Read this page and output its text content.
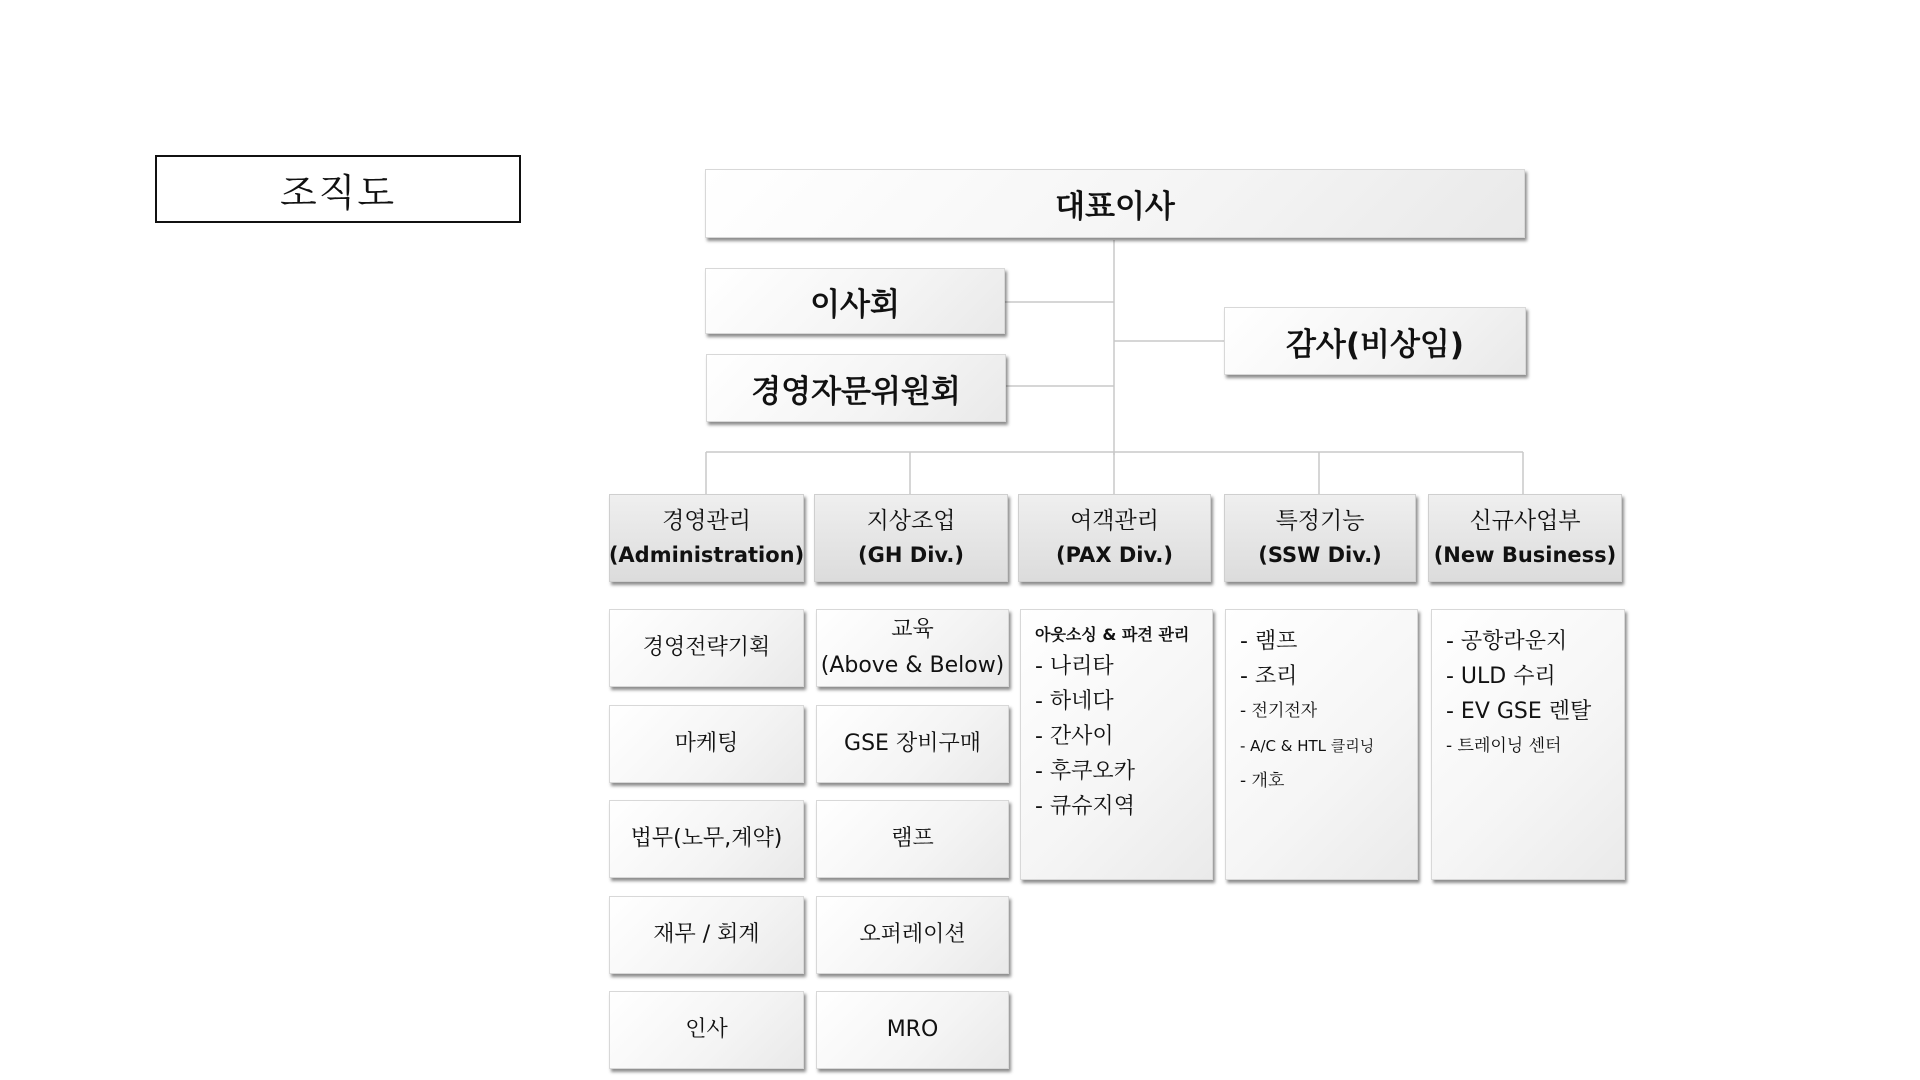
조직도	대표이사
이사회
경영자문위원회
감사(비상임)
경영관리
(Administration)
지상조업
(GH Div.)
여객관리
(PAX Div.)
특정기능
(SSW Div.)
신규사업부
(New Business)
경영전략기획
마케팅
법무(노무,계약)
재무 / 회계
인사
교육
(Above & Below)
GSE 장비구매
램프
오퍼레이션
MRO
아웃소싱 & 파견 관리
- 나리타
- 하네다
- 간사이
- 후쿠오카
- 큐슈지역
- 램프
- 조리
- 전기전자
- A/C & HTL 클리닝
- 개호
- 공항라운지
- ULD 수리
- EV GSE 렌탈
- 트레이닝 센터
